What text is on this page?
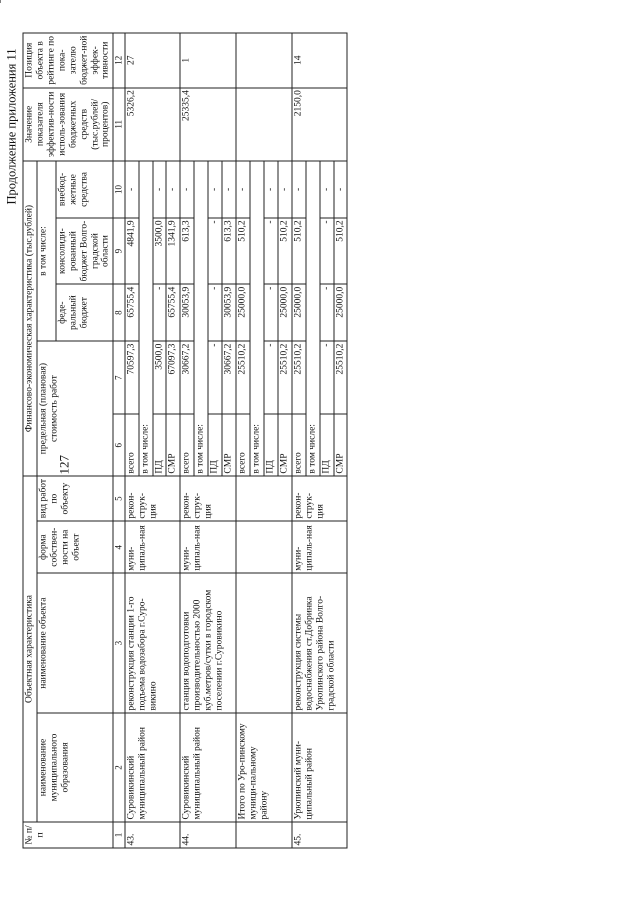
127
Продолжение приложения 11
№ п/п	Объектная характеристика				Финансово-экономическая характеристика (тыс.рублей)					Значение показателя эффектив-ности исполь-зования бюджетных средств (тыс.рублей/процентов)	Позиция объекта в рейтинге по пока-зателю бюджет-ной эффек-тивности
	наименование муниципального образования	наименование объекта	форма собствен-ности на объект	вид работ по объекту	предельная (плановая) стоимость работ		в том числе:				
							феде-ральный бюджет	консолиди-рованный бюджет Волго-градской области	внебюд-жетные средства		
1	2	3	4	5	6	7	8	9	10	11	12
43.	Суровикинский муниципальный район	реконструкция станции 1-го подъема водозабора г.Суро-викино	муни-ципаль-ная	рекон-струк-ция	всего	70597,3	65755,4	4841,9	-	5326,2	27
					в том числе:						
					ПД	3500,0	-	3500,0	-		
					СМР	67097,3	65755,4	1341,9	-		
44.	Суровикинский муниципальный район	станция водоподготовки производительностью 2000 куб.метров/сутки в городском поселении г.Суровикино	муни-ципаль-ная	рекон-струк-ция	всего	30667,2	30053,9	613,3	-	25335,4	1
					в том числе:						
					ПД	-	-	-	-		
					СМР	30667,2	30053,9	613,3	-		
	Итого по Уро-пинскому муници-пальному району				всего	25510,2	25000,0	510,2	-		
					в том числе:						
					ПД	-	-	-	-		
					СМР	25510,2	25000,0	510,2	-		
45.	Урюпинский муни-ципальный район	реконструкция системы водоснабжения ст.Добринка Урюпинского района Волго-градской области	муни-ципаль-ная	рекон-струк-ция	всего	25510,2	25000,0	510,2	-	2150,0	14
					в том числе:						
					ПД	-	-	-	-		
					СМР	25510,2	25000,0	510,2	-		
